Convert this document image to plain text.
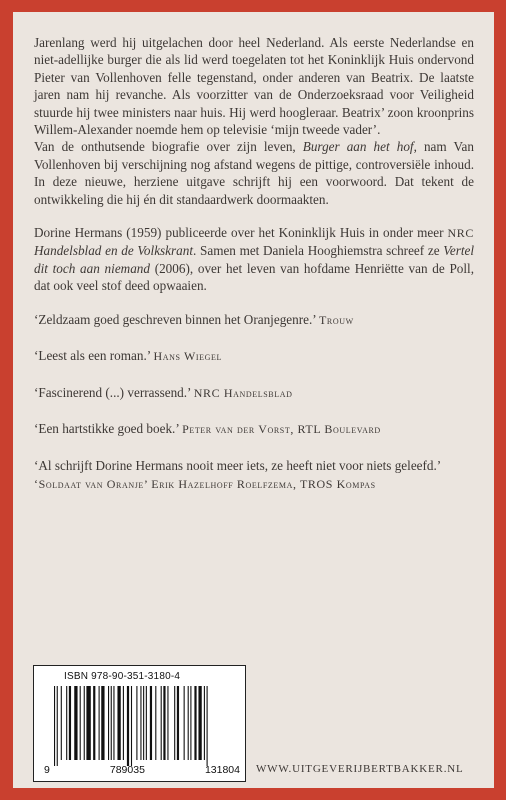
Jarenlang werd hij uitgelachen door heel Nederland. Als eerste Nederlandse en niet-adellijke burger die als lid werd toegelaten tot het Koninklijk Huis ondervond Pieter van Vollenhoven felle tegenstand, onder anderen van Beatrix. De laatste jaren nam hij revanche. Als voorzitter van de Onderzoeksraad voor Veiligheid stuurde hij twee ministers naar huis. Hij werd hoogleraar. Beatrix’ zoon kroonprins Willem-Alexander noemde hem op televisie ‘mijn tweede vader’.

Van de onthutsende biografie over zijn leven, Burger aan het hof, nam Van Vollenhoven bij verschijning nog afstand wegens de pittige, controversiële inhoud. In deze nieuwe, herziene uitgave schrijft hij een voorwoord. Dat tekent de ontwikkeling die hij én dit standaardwerk doormaakten.

Dorine Hermans (1959) publiceerde over het Koninklijk Huis in onder meer NRC Handelsblad en de Volkskrant. Samen met Daniela Hooghiemstra schreef ze Vertel dit toch aan niemand (2006), over het leven van hofdame Henriëtte van de Poll, dat ook veel stof deed opwaaien.

‘Zeldzaam goed geschreven binnen het Oranjegenre.’ Trouw
‘Leest als een roman.’ Hans Wiegel
‘Fascinerend (...) verrassend.’ NRC Handelsblad
‘Een hartstikke goed boek.’ Peter van der Vorst, RTL Boulevard
‘Al schrijft Dorine Hermans nooit meer iets, ze heeft niet voor niets geleefd.’ ‘Soldaat van Oranje’ Erik Hazelhoff Roelfzema, TROS Kompas
ISBN 978-90-351-3180-4
9	789035	131804 WWW.UITGEVERIJBERTBAKKER.NL
